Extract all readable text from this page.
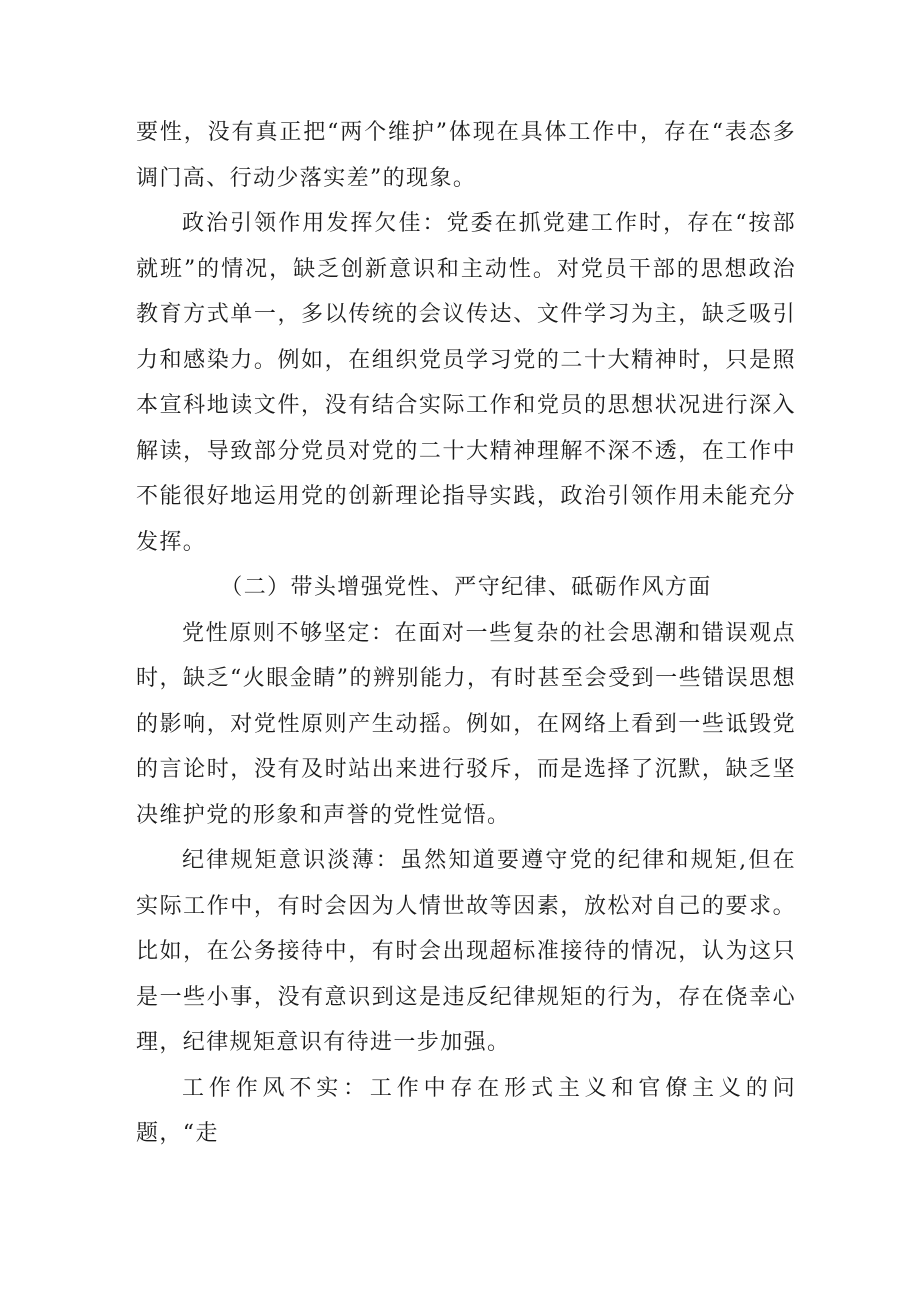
要性，没有真正把“两个维护”体现在具体工作中，存在“表态多调门高、行动少落实差”的现象。

政治引领作用发挥欠佳：党委在抓党建工作时，存在“按部就班”的情况，缺乏创新意识和主动性。对党员干部的思想政治教育方式单一，多以传统的会议传达、文件学习为主，缺乏吸引力和感染力。例如，在组织党员学习党的二十大精神时，只是照本宣科地读文件，没有结合实际工作和党员的思想状况进行深入解读，导致部分党员对党的二十大精神理解不深不透，在工作中不能很好地运用党的创新理论指导实践，政治引领作用未能充分发挥。

（二）带头增强党性、严守纪律、砥砺作风方面

党性原则不够坚定：在面对一些复杂的社会思潮和错误观点时，缺乏“火眼金睛”的辨别能力，有时甚至会受到一些错误思想的影响，对党性原则产生动摇。例如，在网络上看到一些诋毁党的言论时，没有及时站出来进行驳斥，而是选择了沉默，缺乏坚决维护党的形象和声誉的党性觉悟。

纪律规矩意识淡薄：虽然知道要遵守党的纪律和规矩,但在实际工作中，有时会因为人情世故等因素，放松对自己的要求。比如，在公务接待中，有时会出现超标准接待的情况，认为这只是一些小事，没有意识到这是违反纪律规矩的行为，存在侥幸心理，纪律规矩意识有待进一步加强。

工作作风不实：工作中存在形式主义和官僚主义的问题，“走
